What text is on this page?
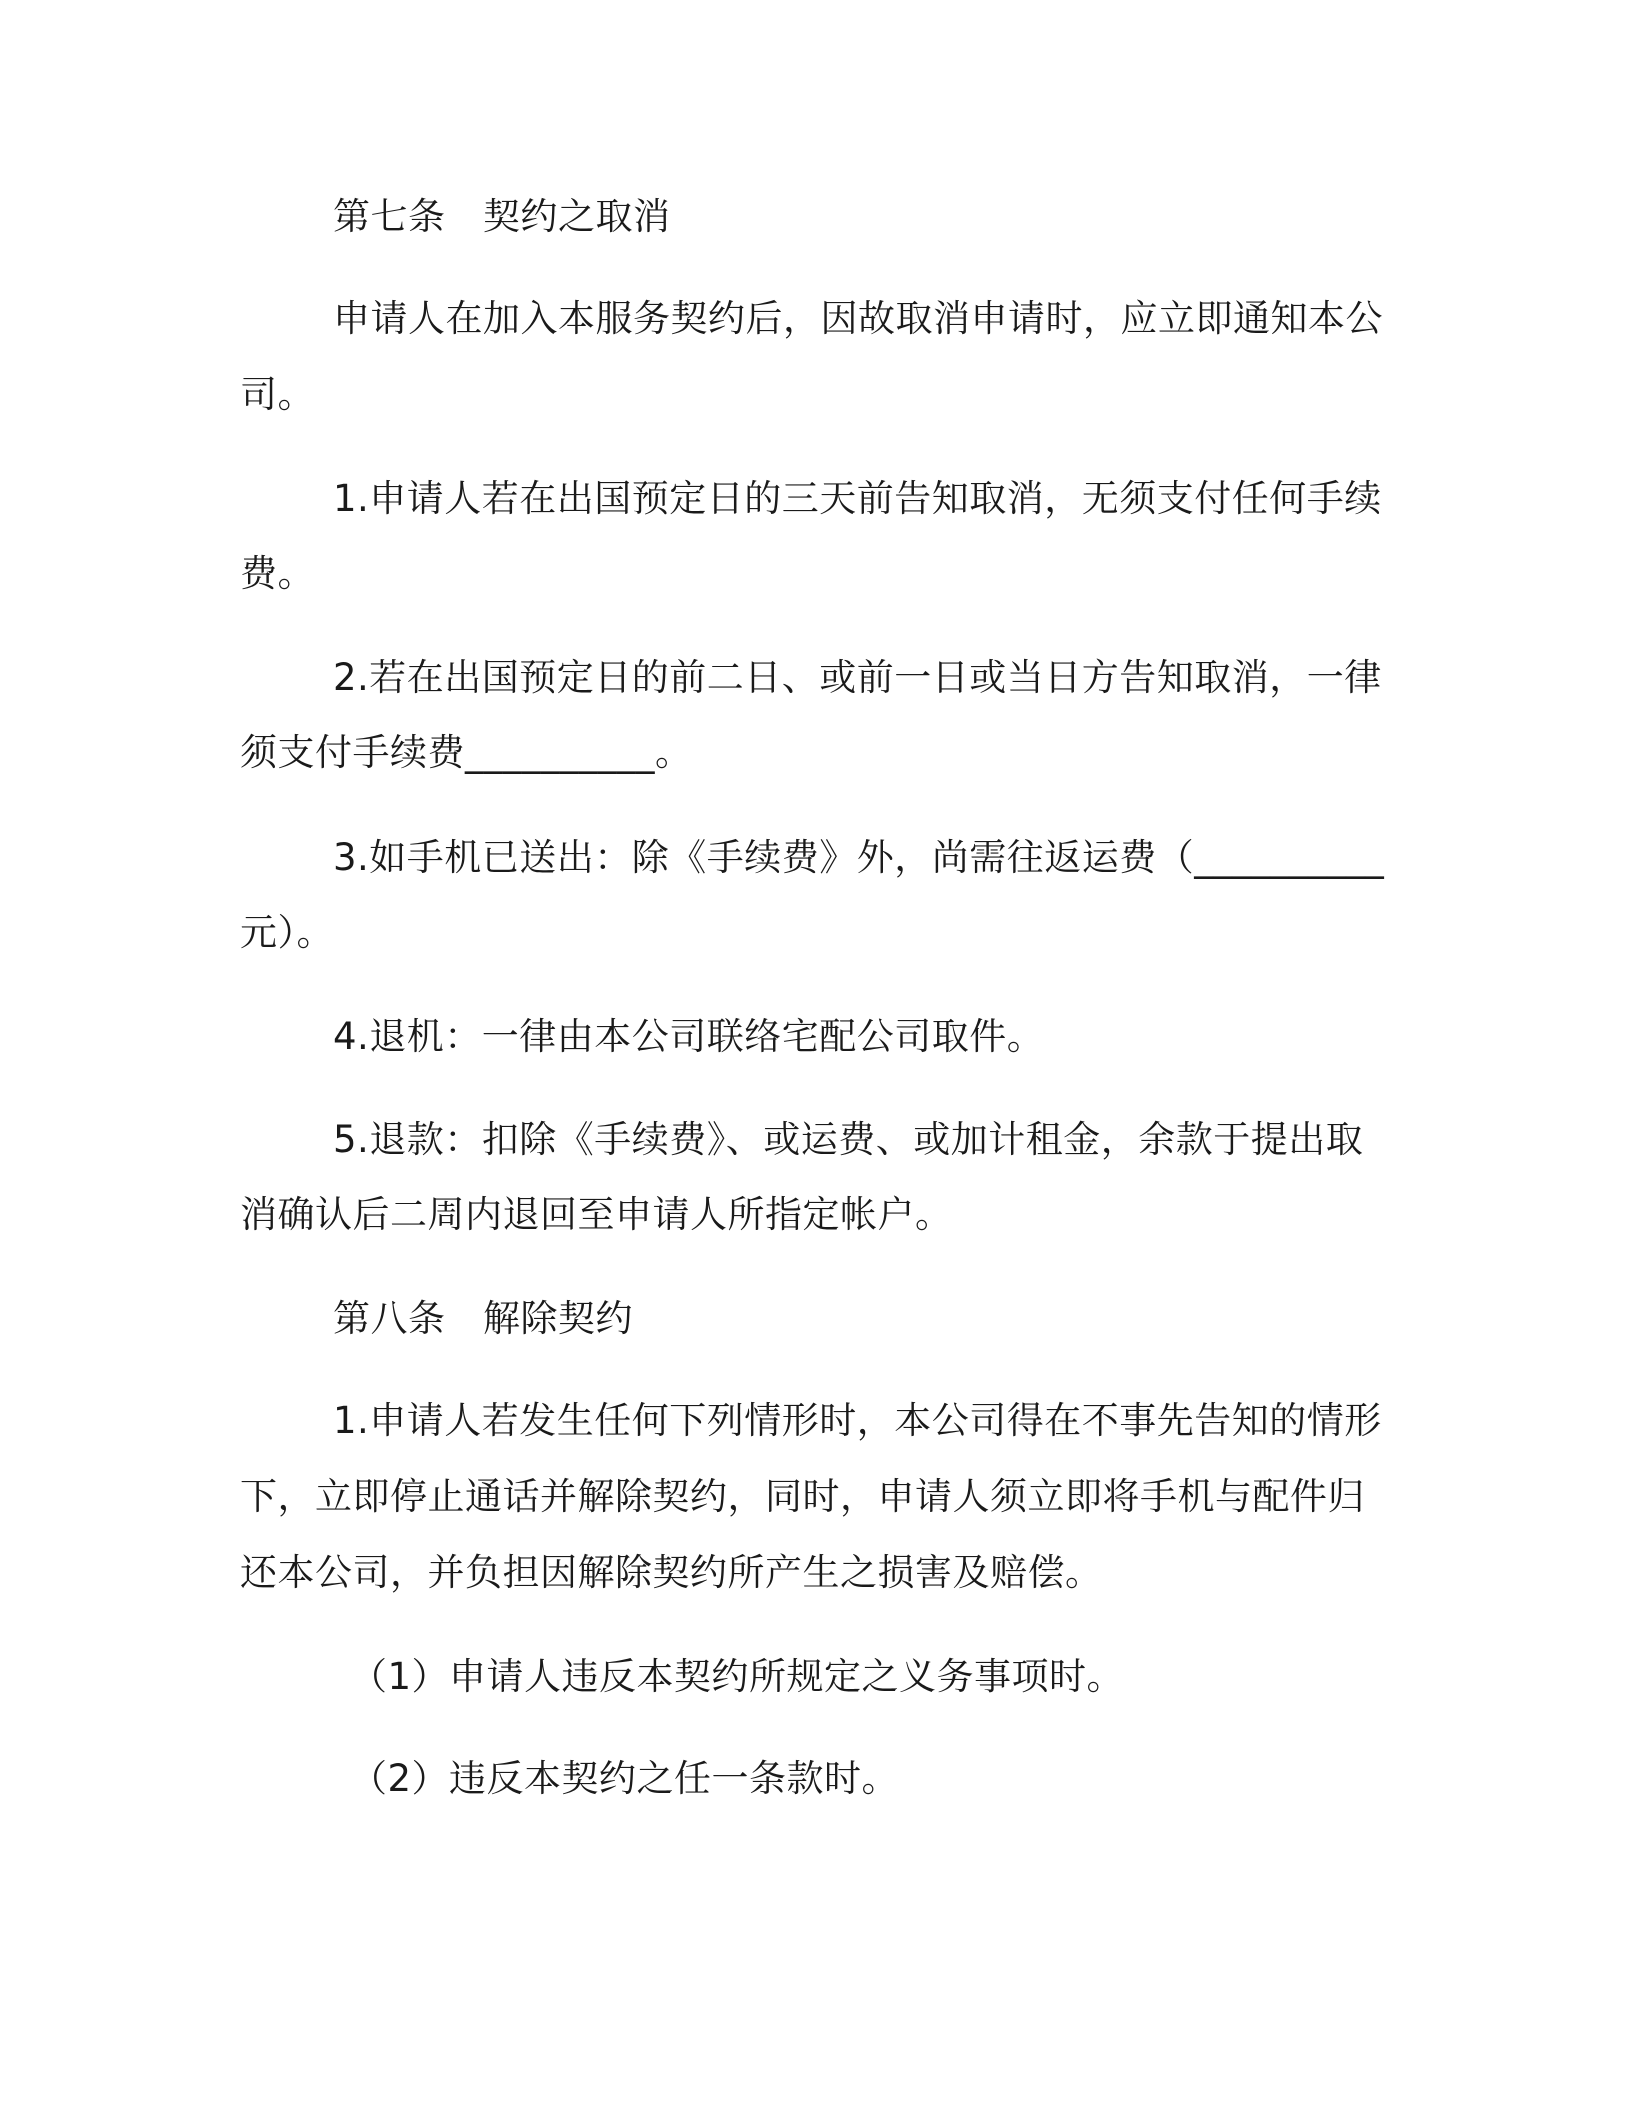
第七条　契约之取消
申请人在加入本服务契约后，因故取消申请时，应立即通知本公
司。
1.申请人若在出国预定日的三天前告知取消，无须支付任何手续
费。
2.若在出国预定日的前二日、或前一日或当日方告知取消，一律
须支付手续费__________。
3.如手机已送出：除《手续费》外，尚需往返运费（__________
元）。
4.退机：一律由本公司联络宅配公司取件。
5.退款：扣除《手续费》、或运费、或加计租金，余款于提出取
消确认后二周内退回至申请人所指定帐户。
第八条　解除契约
1.申请人若发生任何下列情形时，本公司得在不事先告知的情形
下，立即停止通话并解除契约，同时，申请人须立即将手机与配件归
还本公司，并负担因解除契约所产生之损害及赔偿。
（1）申请人违反本契约所规定之义务事项时。
（2）违反本契约之任一条款时。
